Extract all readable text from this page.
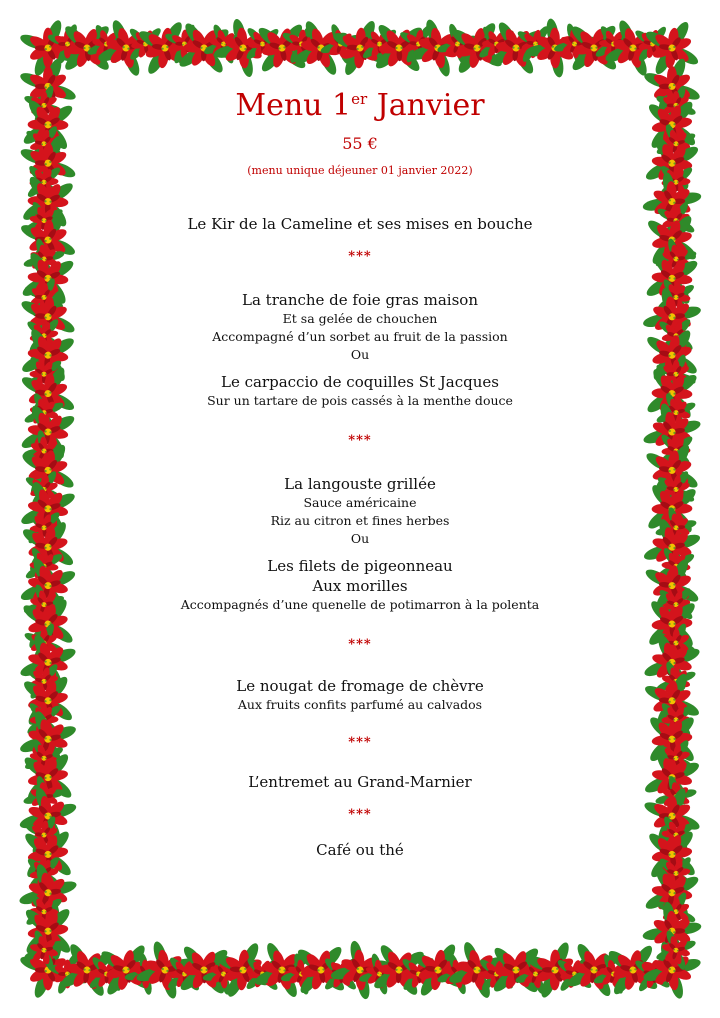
Menu 1er Janvier
55 €
(menu unique déjeuner 01 janvier 2022)
Le Kir de la Cameline et ses mises en bouche
***
La tranche de foie gras maison
Et sa gelée de chouchen
Accompagné d’un sorbet au fruit de la passion
Ou
Le carpaccio de coquilles St Jacques
Sur un tartare de pois cassés à la menthe douce
***
La langouste grillée
Sauce américaine
Riz au citron et fines herbes
Ou
Les filets de pigeonneau
Aux morilles
Accompagnés d’une quenelle de potimarron à la polenta
***
Le nougat de fromage de chèvre
Aux fruits confits parfumé au calvados
***
L’entremet au Grand-Marnier
***
Café ou thé
